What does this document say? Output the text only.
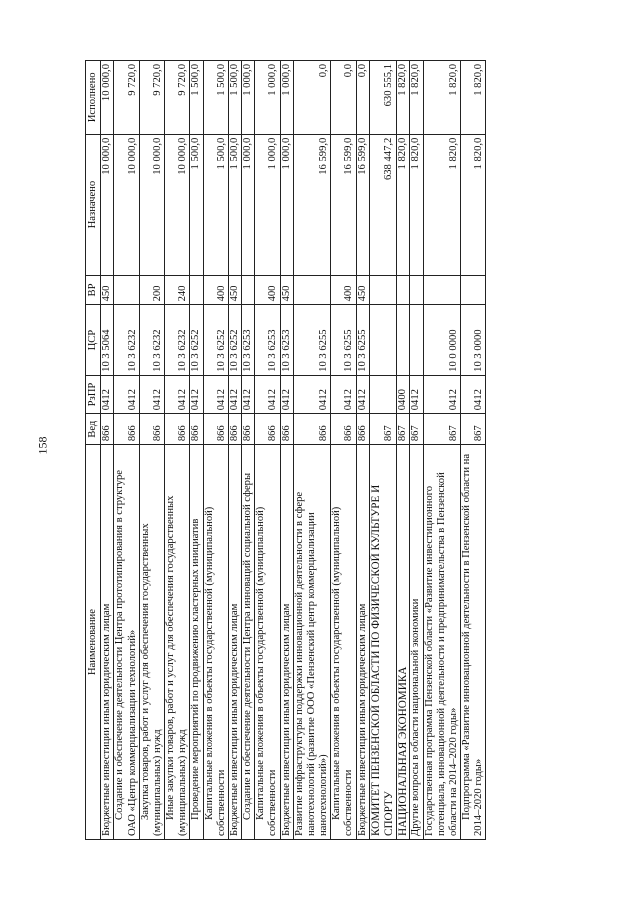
158
Наименование	Вед	РзПР	ЦСР	ВР	Назначено	Исполнено
Бюджетные инвестиции иным юридическим лицам	866	0412	10 3 5064	450	10 000,0	10 000,0
Создание и обеспечение деятельности Центра прототипирования в структуре ОАО «Центр коммерциализации технологий»	866	0412	10 3 6232		10 000,0	9 720,0
Закупка товаров, работ и услуг для обеспечения государственных (муниципальных) нужд	866	0412	10 3 6232	200	10 000,0	9 720,0
Иные закупки товаров, работ и услуг для обеспечения государственных (муниципальных) нужд	866	0412	10 3 6232	240	10 000,0	9 720,0
Проведение мероприятий по продвижению кластерных инициатив	866	0412	10 3 6252		1 500,0	1 500,0
Капитальные вложения в объекты государственной (муниципальной) собственности	866	0412	10 3 6252	400	1 500,0	1 500,0
Бюджетные инвестиции иным юридическим лицам	866	0412	10 3 6252	450	1 500,0	1 500,0
Создание и обеспечение деятельности Центра инноваций социальной сферы	866	0412	10 3 6253		1 000,0	1 000,0
Капитальные вложения в объекты государственной (муниципальной) собственности	866	0412	10 3 6253	400	1 000,0	1 000,0
Бюджетные инвестиции иным юридическим лицам	866	0412	10 3 6253	450	1 000,0	1 000,0
Развитие инфраструктуры поддержки инновационной деятельности в сфере нанотехнологий (развитие ООО «Пензенский центр коммерциализации нанотехнологий»)	866	0412	10 3 6255		16 599,0	0,0
Капитальные вложения в объекты государственной (муниципальной) собственности	866	0412	10 3 6255	400	16 599,0	0,0
Бюджетные инвестиции иным юридическим лицам	866	0412	10 3 6255	450	16 599,0	0,0
КОМИТЕТ ПЕНЗЕНСКОЙ ОБЛАСТИ ПО ФИЗИЧЕСКОЙ КУЛЬТУРЕ И СПОРТУ	867				638 447,2	630 555,1
НАЦИОНАЛЬНАЯ ЭКОНОМИКА	867	0400			1 820,0	1 820,0
Другие вопросы в области национальной экономики	867	0412			1 820,0	1 820,0
Государственная программа Пензенской области «Развитие инвестиционного потенциала, инновационной деятельности и предпринимательства в Пензенской области на 2014–2020 годы»	867	0412	10 0 0000		1 820,0	1 820,0
Подпрограмма «Развитие инновационной деятельности в Пензенской области на 2014–2020 годы»	867	0412	10 3 0000		1 820,0	1 820,0
